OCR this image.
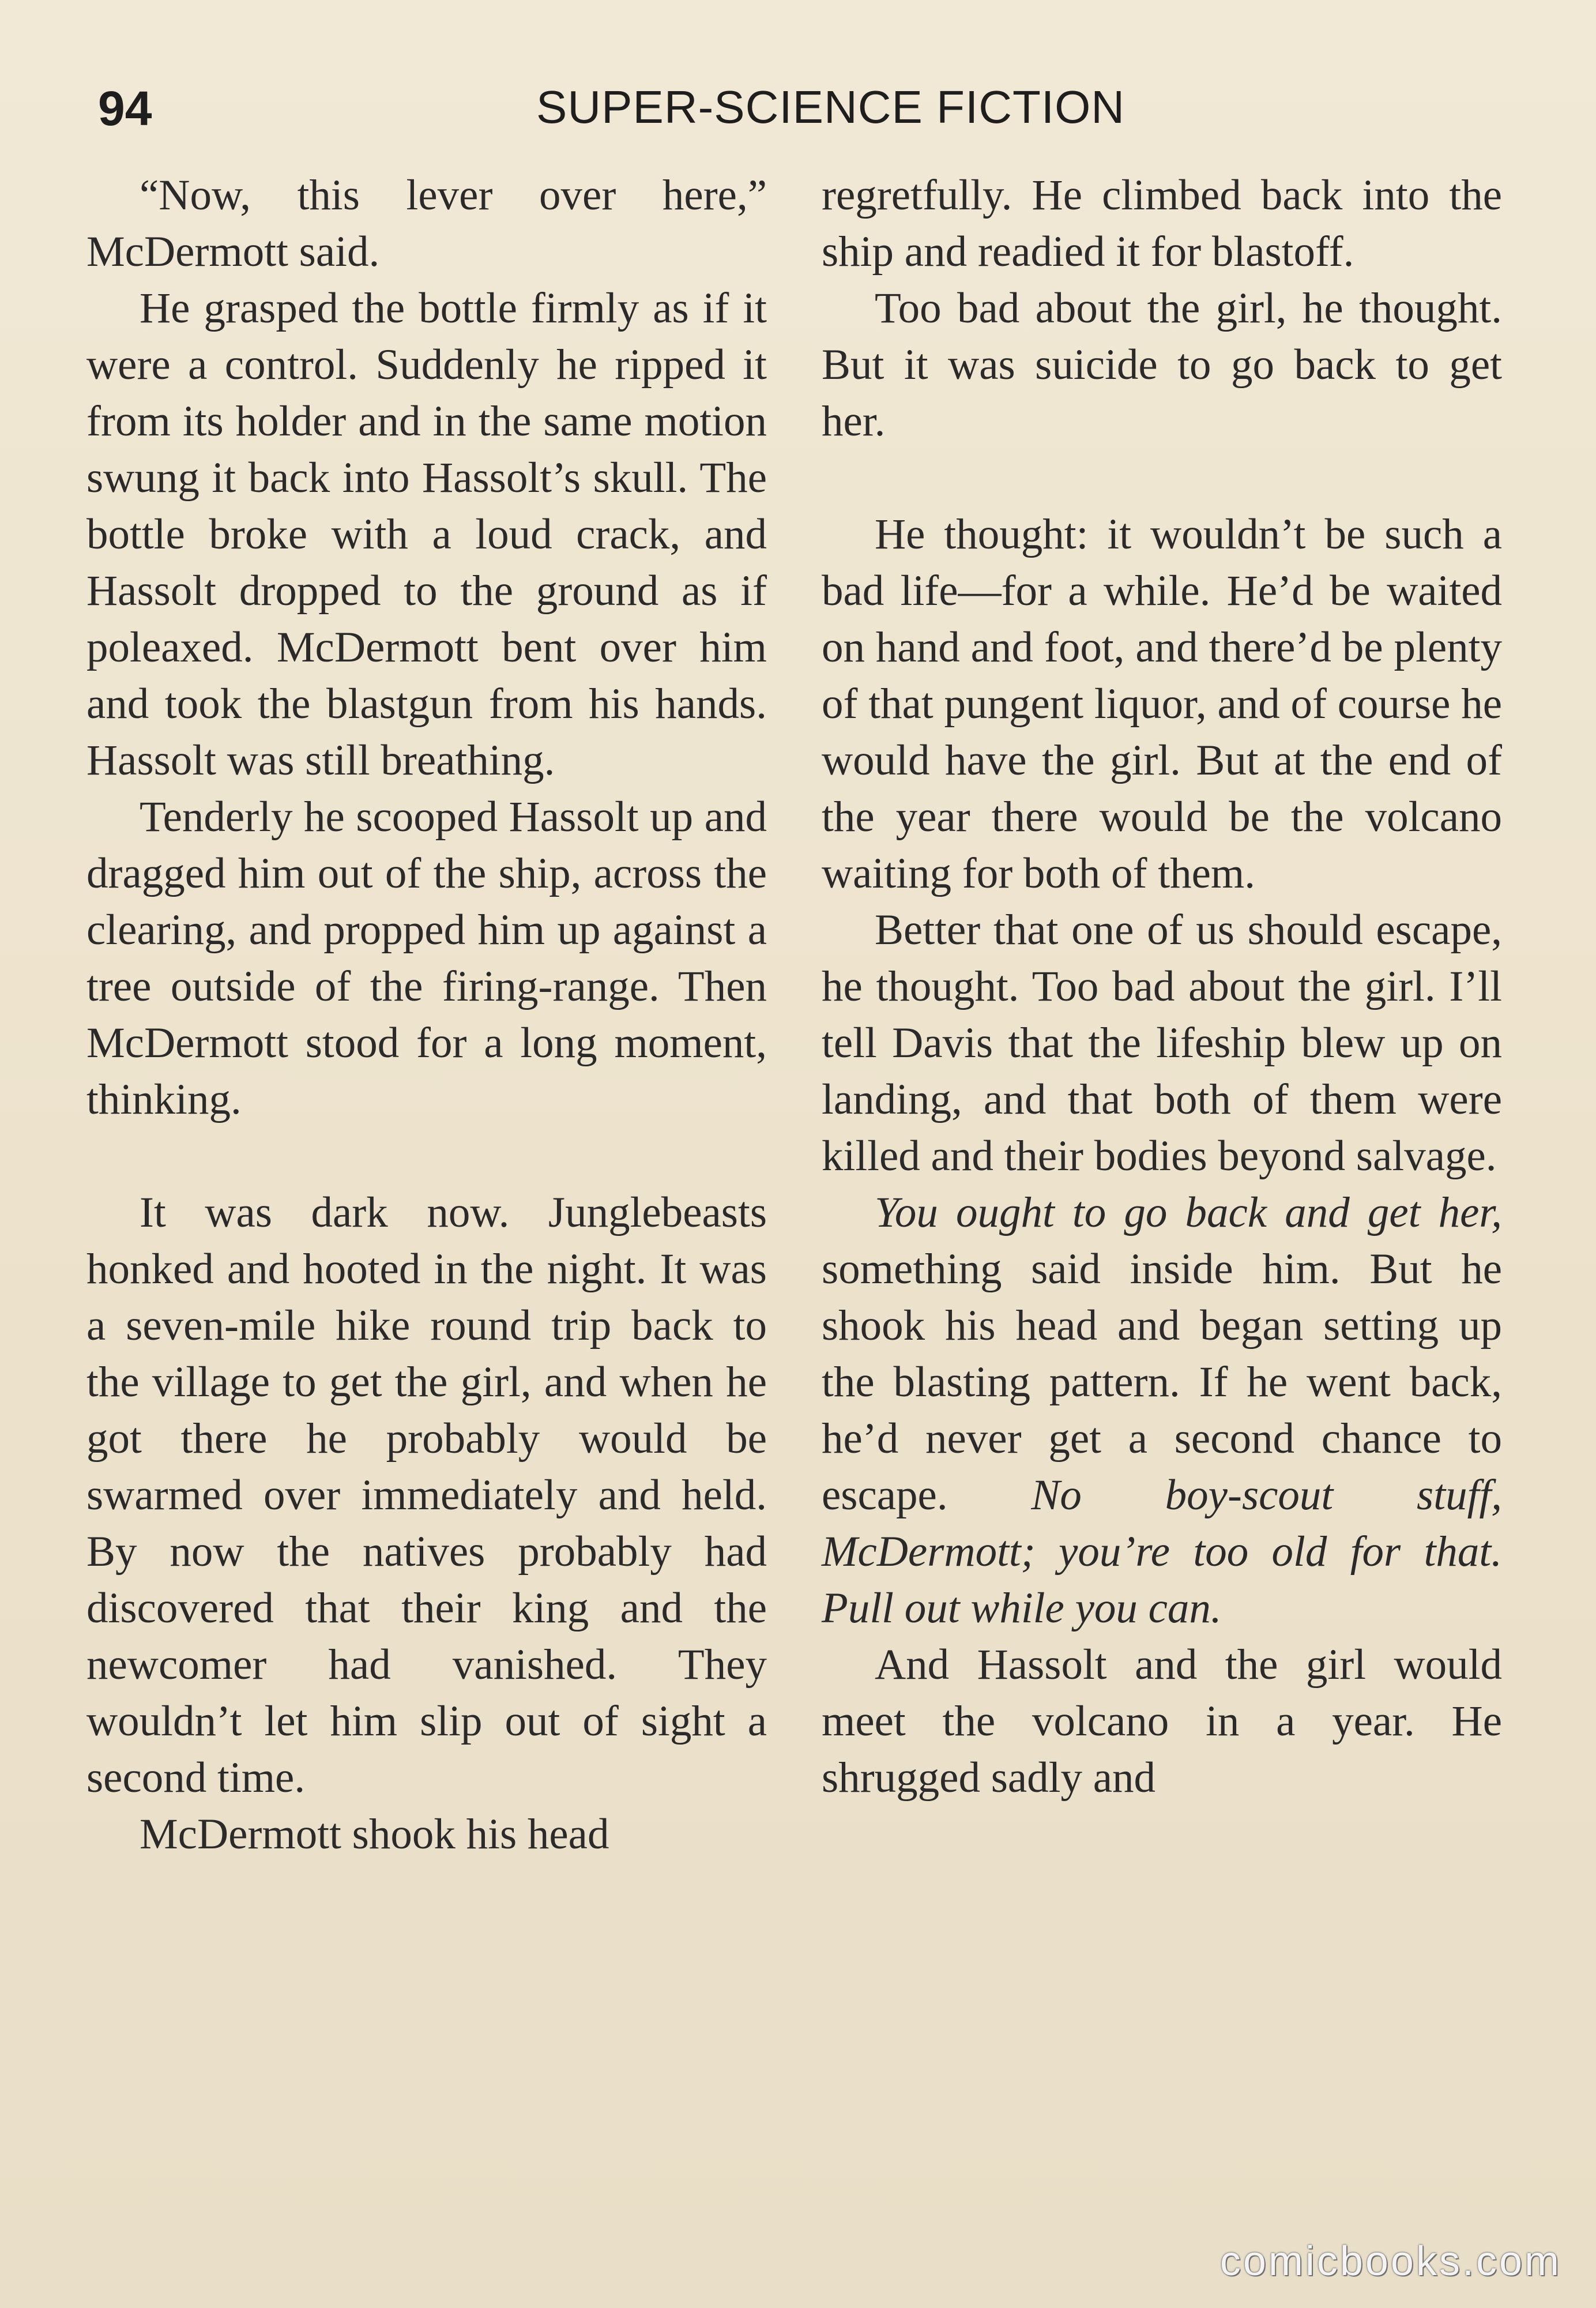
94	SUPER-SCIENCE FICTION

“Now, this lever over here,” McDermott said.

He grasped the bottle firmly as if it were a control. Suddenly he ripped it from its holder and in the same motion swung it back into Hassolt’s skull. The bottle broke with a loud crack, and Hassolt dropped to the ground as if poleaxed. McDermott bent over him and took the blastgun from his hands. Hassolt was still breathing.

Tenderly he scooped Hassolt up and dragged him out of the ship, across the clearing, and propped him up against a tree outside of the firing-range. Then McDermott stood for a long moment, thinking.

It was dark now. Junglebeasts honked and hooted in the night. It was a seven-mile hike round trip back to the village to get the girl, and when he got there he probably would be swarmed over immediately and held. By now the natives probably had discovered that their king and the newcomer had vanished. They wouldn’t let him slip out of sight a second time.

McDermott shook his head

regretfully. He climbed back into the ship and readied it for blastoff.

Too bad about the girl, he thought. But it was suicide to go back to get her.

He thought: it wouldn’t be such a bad life—for a while. He’d be waited on hand and foot, and there’d be plenty of that pungent liquor, and of course he would have the girl. But at the end of the year there would be the volcano waiting for both of them.

Better that one of us should escape, he thought. Too bad about the girl. I’ll tell Davis that the lifeship blew up on landing, and that both of them were killed and their bodies beyond salvage.

You ought to go back and get her, something said inside him. But he shook his head and began setting up the blasting pattern. If he went back, he’d never get a second chance to escape. No boy-scout stuff, McDermott; you’re too old for that. Pull out while you can.

And Hassolt and the girl would meet the volcano in a year. He shrugged sadly and

comicbooks.com
